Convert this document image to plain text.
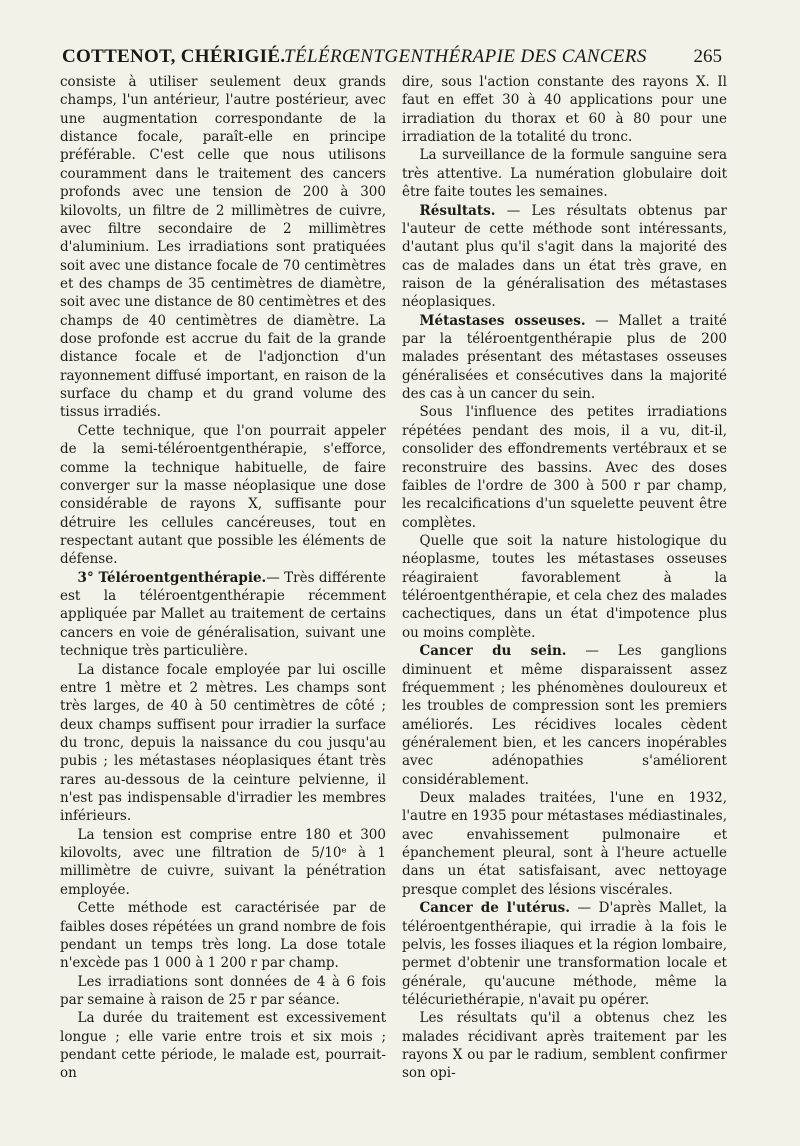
COTTENOT, CHÉRIGIÉ.
TÉLÉRŒNTGENTHÉRAPIE DES CANCERS 265

consiste à utiliser seulement deux grands champs, l'un antérieur, l'autre postérieur, avec une augmentation correspondante de la distance focale, paraît-elle en principe préférable. C'est celle que nous utilisons couramment dans le traitement des cancers profonds avec une tension de 200 à 300 kilovolts, un filtre de 2 millimètres de cuivre, avec filtre secondaire de 2 millimètres d'aluminium. Les irradiations sont pratiquées soit avec une distance focale de 70 centimètres et des champs de 35 centimètres de diamètre, soit avec une distance de 80 centimètres et des champs de 40 centimètres de diamètre. La dose profonde est accrue du fait de la grande distance focale et de l'adjonction d'un rayonnement diffusé important, en raison de la surface du champ et du grand volume des tissus irradiés.

Cette technique, que l'on pourrait appeler de la semi-téléroentgenthérapie, s'efforce, comme la technique habituelle, de faire converger sur la masse néoplasique une dose considérable de rayons X, suffisante pour détruire les cellules cancéreuses, tout en respectant autant que possible les éléments de défense.

3° Téléroentgenthérapie.— Très différente est la téléroentgenthérapie récemment appliquée par Mallet au traitement de certains cancers en voie de généralisation, suivant une technique très particulière.

La distance focale employée par lui oscille entre 1 mètre et 2 mètres. Les champs sont très larges, de 40 à 50 centimètres de côté ; deux champs suffisent pour irradier la surface du tronc, depuis la naissance du cou jusqu'au pubis ; les métastases néoplasiques étant très rares au-dessous de la ceinture pelvienne, il n'est pas indispensable d'irradier les membres inférieurs.

La tension est comprise entre 180 et 300 kilovolts, avec une filtration de 5/10ᵉ à 1 millimètre de cuivre, suivant la pénétration employée.

Cette méthode est caractérisée par de faibles doses répétées un grand nombre de fois pendant un temps très long. La dose totale n'excède pas 1 000 à 1 200 r par champ.

Les irradiations sont données de 4 à 6 fois par semaine à raison de 25 r par séance.

La durée du traitement est excessivement longue ; elle varie entre trois et six mois ; pendant cette période, le malade est, pourrait-on

dire, sous l'action constante des rayons X. Il faut en effet 30 à 40 applications pour une irradiation du thorax et 60 à 80 pour une irradiation de la totalité du tronc.

La surveillance de la formule sanguine sera très attentive. La numération globulaire doit être faite toutes les semaines.

Résultats. — Les résultats obtenus par l'auteur de cette méthode sont intéressants, d'autant plus qu'il s'agit dans la majorité des cas de malades dans un état très grave, en raison de la généralisation des métastases néoplasiques.

Métastases osseuses. — Mallet a traité par la téléroentgenthérapie plus de 200 malades présentant des métastases osseuses généralisées et consécutives dans la majorité des cas à un cancer du sein.

Sous l'influence des petites irradiations répétées pendant des mois, il a vu, dit-il, consolider des effondrements vertébraux et se reconstruire des bassins. Avec des doses faibles de l'ordre de 300 à 500 r par champ, les recalcifications d'un squelette peuvent être complètes.

Quelle que soit la nature histologique du néoplasme, toutes les métastases osseuses réagiraient favorablement à la téléroentgenthérapie, et cela chez des malades cachectiques, dans un état d'impotence plus ou moins complète.

Cancer du sein. — Les ganglions diminuent et même disparaissent assez fréquemment ; les phénomènes douloureux et les troubles de compression sont les premiers améliorés. Les récidives locales cèdent généralement bien, et les cancers inopérables avec adénopathies s'améliorent considérablement.

Deux malades traitées, l'une en 1932, l'autre en 1935 pour métastases médiastinales, avec envahissement pulmonaire et épanchement pleural, sont à l'heure actuelle dans un état satisfaisant, avec nettoyage presque complet des lésions viscérales.

Cancer de l'utérus. — D'après Mallet, la téléroentgenthérapie, qui irradie à la fois le pelvis, les fosses iliaques et la région lombaire, permet d'obtenir une transformation locale et générale, qu'aucune méthode, même la télécuriethérapie, n'avait pu opérer.

Les résultats qu'il a obtenus chez les malades récidivant après traitement par les rayons X ou par le radium, semblent confirmer son opi-
